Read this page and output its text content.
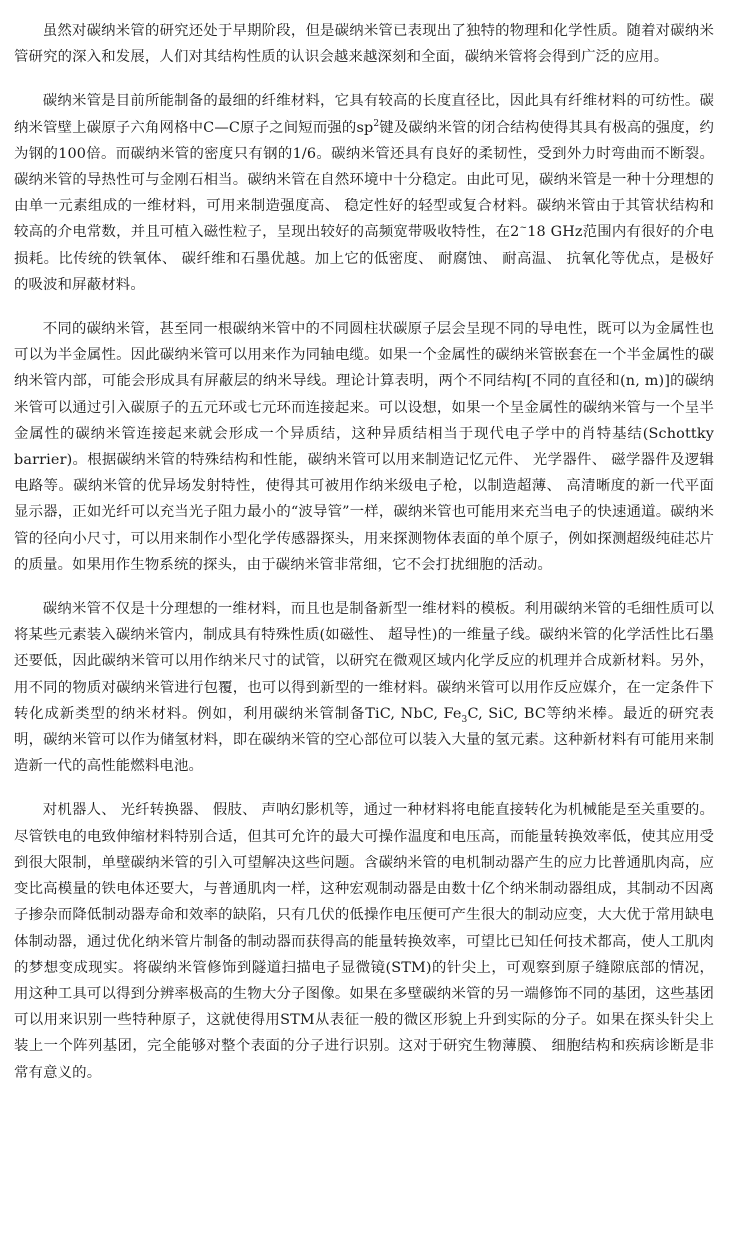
虽然对碳纳米管的研究还处于早期阶段，但是碳纳米管已表现出了独特的物理和化学性质。随着对碳纳米管研究的深入和发展，人们对其结构性质的认识会越来越深刻和全面，碳纳米管将会得到广泛的应用。

碳纳米管是目前所能制备的最细的纤维材料，它具有较高的长度直径比，因此具有纤维材料的可纺性。碳纳米管壁上碳原子六角网格中C—C原子之间短而强的$sp^2$键及碳纳米管的闭合结构使得其具有极高的强度，约为钢的100倍。而碳纳米管的密度只有钢的1/6。碳纳米管还具有良好的柔韧性，受到外力时弯曲而不断裂。碳纳米管的导热性可与金刚石相当。碳纳米管在自然环境中十分稳定。由此可见，碳纳米管是一种十分理想的由单一元素组成的一维材料，可用来制造强度高、 稳定性好的轻型或复合材料。碳纳米管由于其管状结构和较高的介电常数，并且可植入磁性粒子，呈现出较好的高频宽带吸收特性，在2~18 GHz范围内有很好的介电损耗。比传统的铁氧体、 碳纤维和石墨优越。加上它的低密度、 耐腐蚀、 耐高温、 抗氧化等优点，是极好的吸波和屏蔽材料。

不同的碳纳米管，甚至同一根碳纳米管中的不同圆柱状碳原子层会呈现不同的导电性，既可以为金属性也可以为半金属性。因此碳纳米管可以用来作为同轴电缆。如果一个金属性的碳纳米管嵌套在一个半金属性的碳纳米管内部，可能会形成具有屏蔽层的纳米导线。理论计算表明，两个不同结构[不同的直径和(n, m)]的碳纳米管可以通过引入碳原子的五元环或七元环而连接起来。可以设想，如果一个呈金属性的碳纳米管与一个呈半金属性的碳纳米管连接起来就会形成一个异质结，这种异质结相当于现代电子学中的肖特基结(Schottky barrier)。根据碳纳米管的特殊结构和性能，碳纳米管可以用来制造记忆元件、 光学器件、 磁学器件及逻辑电路等。碳纳米管的优异场发射特性，使得其可被用作纳米级电子枪，以制造超薄、 高清晰度的新一代平面显示器，正如光纤可以充当光子阻力最小的“波导管”一样，碳纳米管也可能用来充当电子的快速通道。碳纳米管的径向小尺寸，可以用来制作小型化学传感器探头，用来探测物体表面的单个原子，例如探测超级纯硅芯片的质量。如果用作生物系统的探头，由于碳纳米管非常细，它不会打扰细胞的活动。

碳纳米管不仅是十分理想的一维材料，而且也是制备新型一维材料的模板。利用碳纳米管的毛细性质可以将某些元素装入碳纳米管内，制成具有特殊性质(如磁性、 超导性)的一维量子线。碳纳米管的化学活性比石墨还要低，因此碳纳米管可以用作纳米尺寸的试管，以研究在微观区域内化学反应的机理并合成新材料。另外，用不同的物质对碳纳米管进行包覆，也可以得到新型的一维材料。碳纳米管可以用作反应媒介，在一定条件下转化成新类型的纳米材料。例如，利用碳纳米管制备TiC, NbC, $Fe_3C$, SiC, BC等纳米棒。最近的研究表明，碳纳米管可以作为储氢材料，即在碳纳米管的空心部位可以装入大量的氢元素。这种新材料有可能用来制造新一代的高性能燃料电池。

对机器人、 光纤转换器、 假肢、 声呐幻影机等，通过一种材料将电能直接转化为机械能是至关重要的。尽管铁电的电致伸缩材料特别合适，但其可允许的最大可操作温度和电压高，而能量转换效率低，使其应用受到很大限制，单壁碳纳米管的引入可望解决这些问题。含碳纳米管的电机制动器产生的应力比普通肌肉高，应变比高模量的铁电体还要大，与普通肌肉一样，这种宏观制动器是由数十亿个纳米制动器组成，其制动不因离子掺杂而降低制动器寿命和效率的缺陷，只有几伏的低操作电压便可产生很大的制动应变，大大优于常用缺电体制动器，通过优化纳米管片制备的制动器而获得高的能量转换效率，可望比已知任何技术都高，使人工肌肉的梦想变成现实。将碳纳米管修饰到隧道扫描电子显微镜(STM)的针尖上，可观察到原子缝隙底部的情况，用这种工具可以得到分辨率极高的生物大分子图像。如果在多壁碳纳米管的另一端修饰不同的基团，这些基团可以用来识别一些特种原子，这就使得用STM从表征一般的微区形貌上升到实际的分子。如果在探头针尖上装上一个阵列基团，完全能够对整个表面的分子进行识别。这对于研究生物薄膜、 细胞结构和疾病诊断是非常有意义的。
